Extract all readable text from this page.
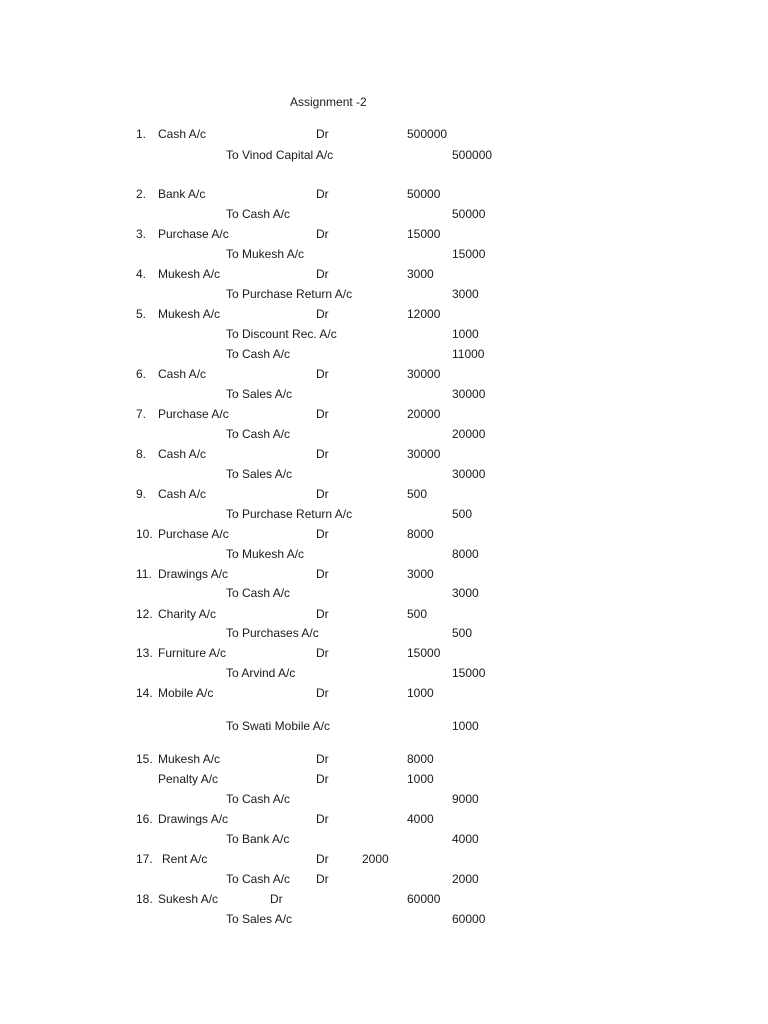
Assignment -2
1. Cash A/c	Dr	500000
To Vinod Capital A/c	500000
2. Bank A/c	Dr	50000
To Cash A/c	50000
3. Purchase A/c	Dr	15000
To Mukesh A/c	15000
4. Mukesh A/c	Dr	3000
To Purchase Return A/c	3000
5. Mukesh A/c	Dr	12000
To Discount Rec. A/c	1000
To Cash A/c	11000
6. Cash A/c	Dr	30000
To Sales A/c	30000
7. Purchase A/c	Dr	20000
To Cash A/c	20000
8. Cash A/c	Dr	30000
To Sales A/c	30000
9. Cash A/c	Dr	500
To Purchase Return A/c	500
10. Purchase A/c	Dr	8000
To Mukesh A/c	8000
11. Drawings A/c	Dr	3000
To Cash A/c	3000
12. Charity A/c	Dr	500
To Purchases A/c	500
13. Furniture A/c	Dr	15000
To Arvind A/c	15000
14. Mobile A/c	Dr	1000
To Swati Mobile A/c	1000
15. Mukesh A/c	Dr	8000
Penalty A/c	Dr	1000
To Cash A/c	9000
16. Drawings A/c	Dr	4000
To Bank A/c	4000
17. Rent A/c	Dr	2000
To Cash A/c Dr	2000
18. Sukesh A/c	Dr	60000
To Sales A/c	60000
